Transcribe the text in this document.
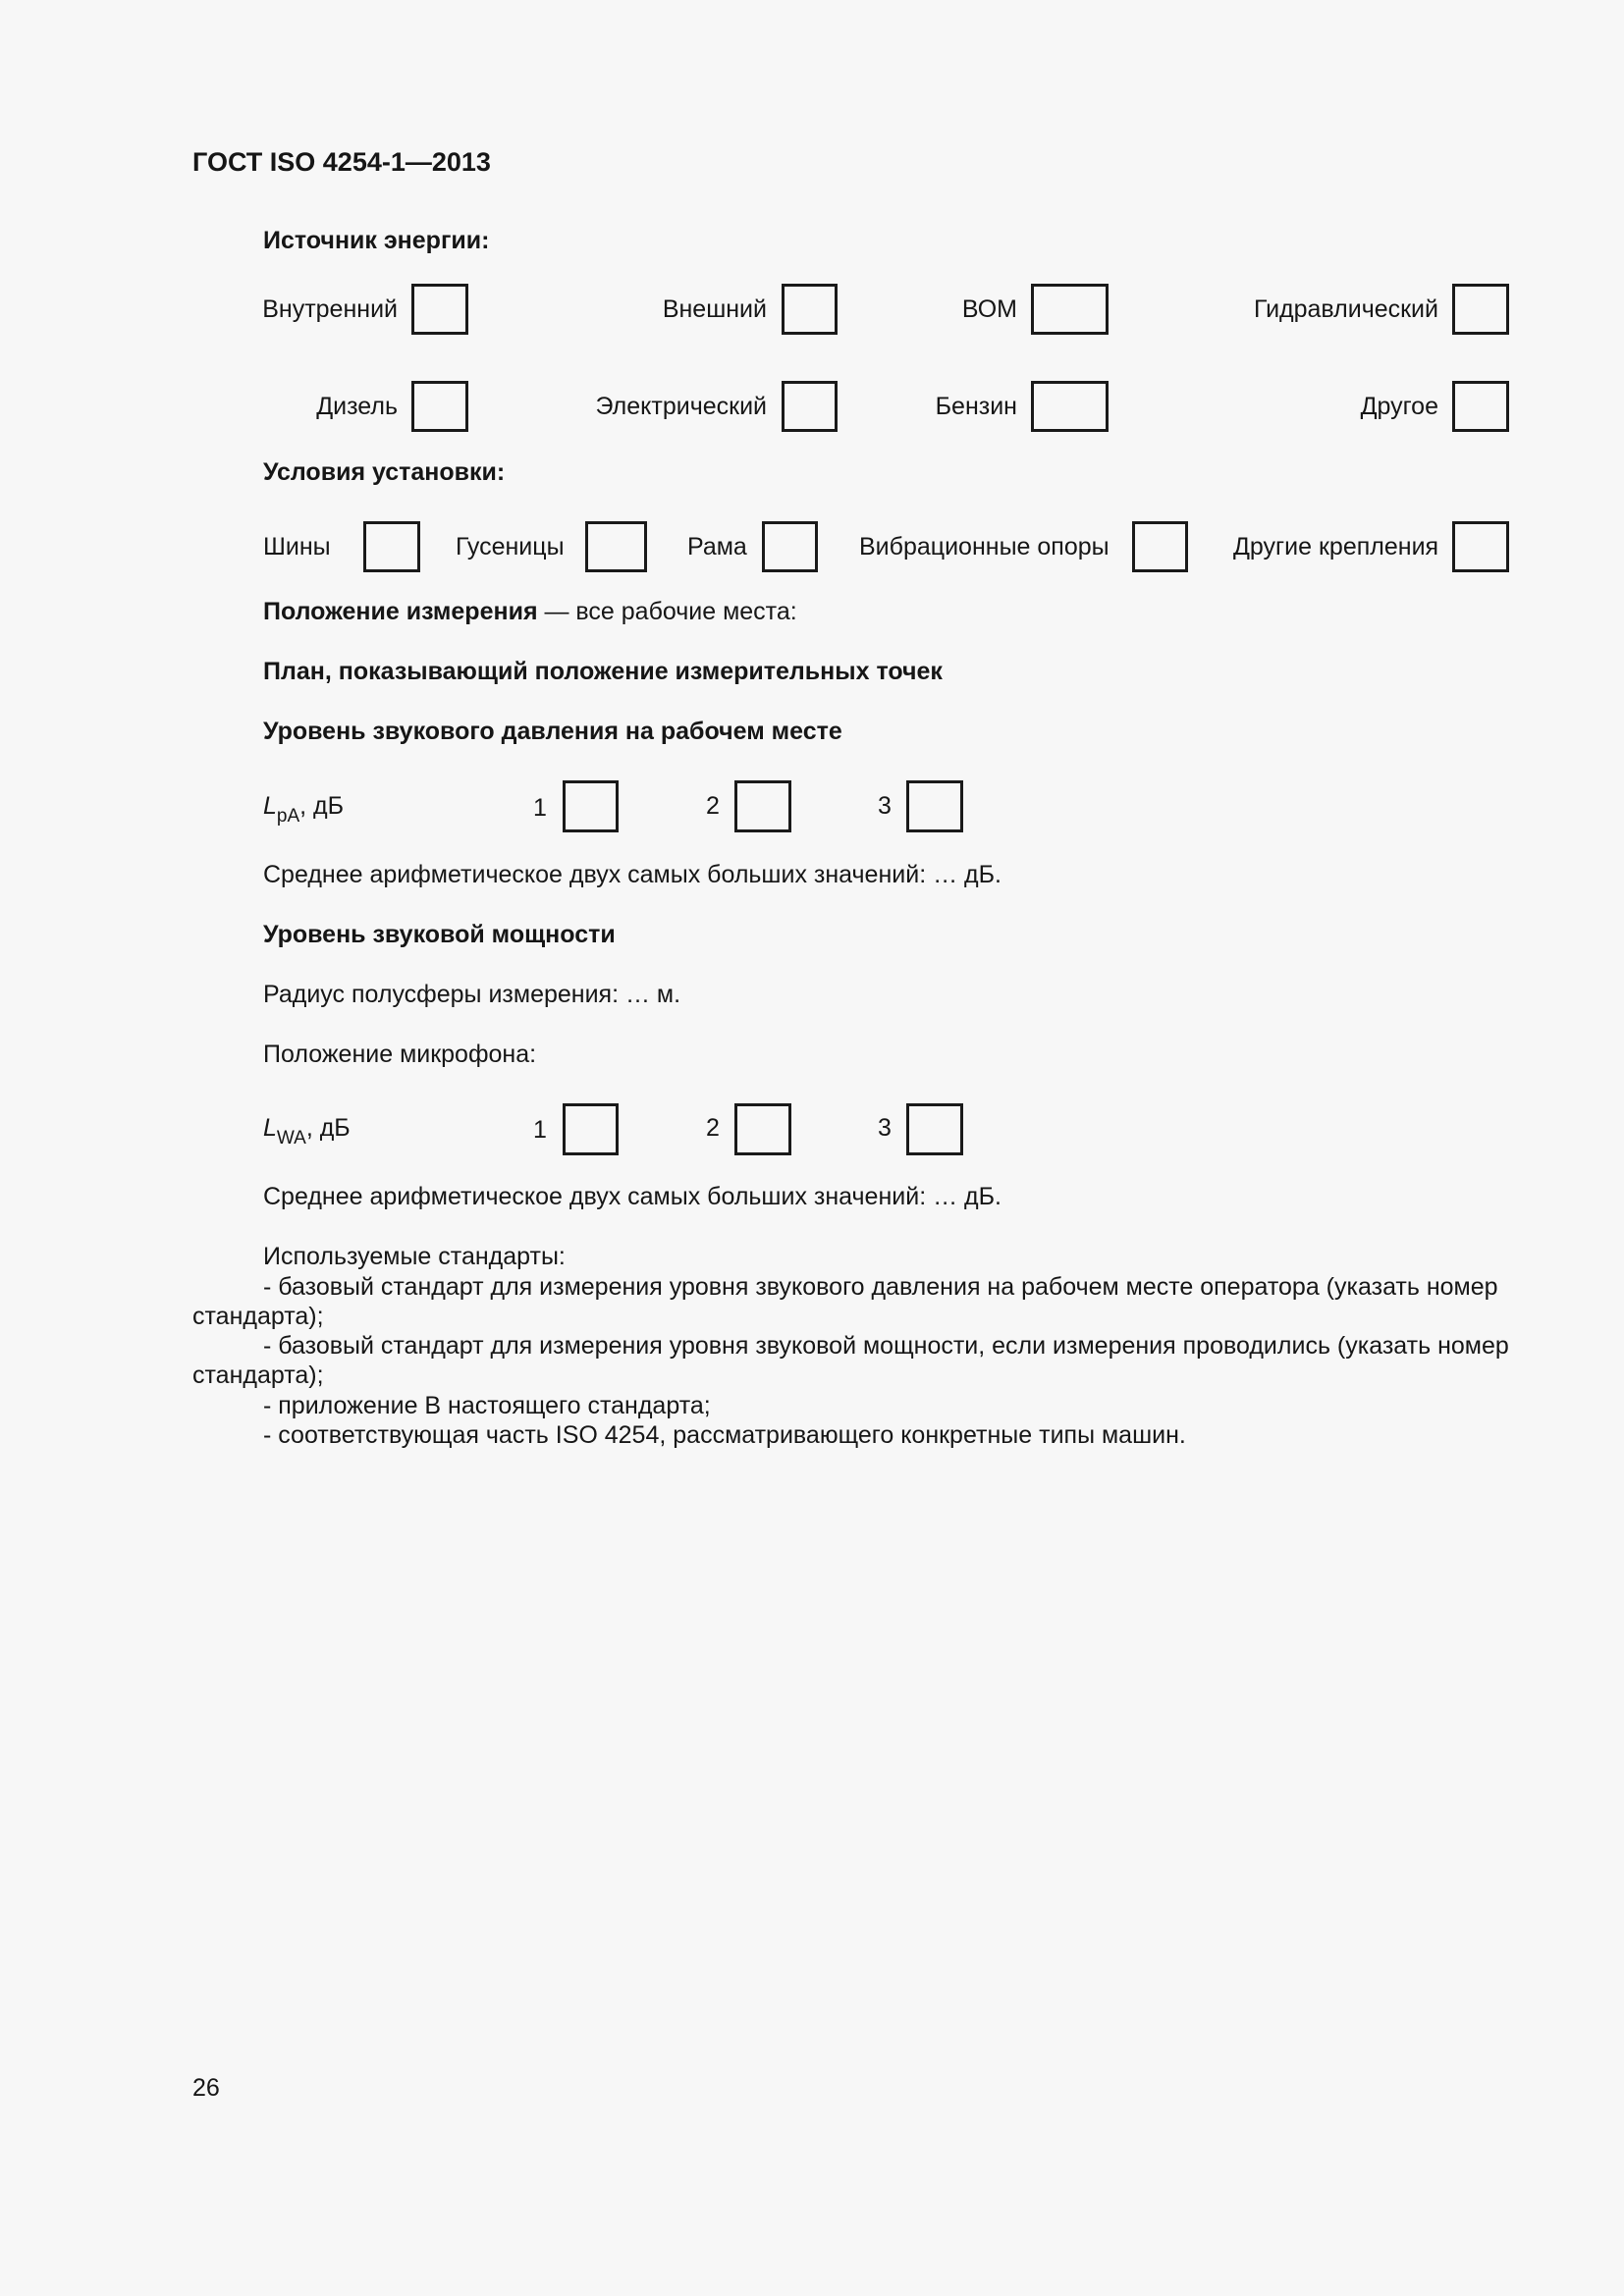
ГОСТ ISO 4254-1—2013
Источник энергии:
Внутренний	Внешний	ВОМ	Гидравлический
Дизель	Электрический	Бензин	Другое
Условия установки:
Шины	Гусеницы	Рама	Вибрационные опоры	Другие крепления
Положение измерения — все рабочие места:
План, показывающий положение измерительных точек
Уровень звукового давления на рабочем месте
$L_{pA}$, дБ	1	2	3
Среднее арифметическое двух самых больших значений: … дБ.
Уровень звуковой мощности
Радиус полусферы измерения: … м.
Положение микрофона:
$L_{WA}$, дБ	1	2	3
Среднее арифметическое двух самых больших значений: … дБ.
Используемые стандарты:
- базовый стандарт для измерения уровня звукового давления на рабочем месте оператора (указать номер
стандарта);
- базовый стандарт для измерения уровня звуковой мощности, если измерения проводились (указать номер
стандарта);
- приложение В настоящего стандарта;
- соответствующая часть ISO 4254, рассматривающего конкретные типы машин.
26
